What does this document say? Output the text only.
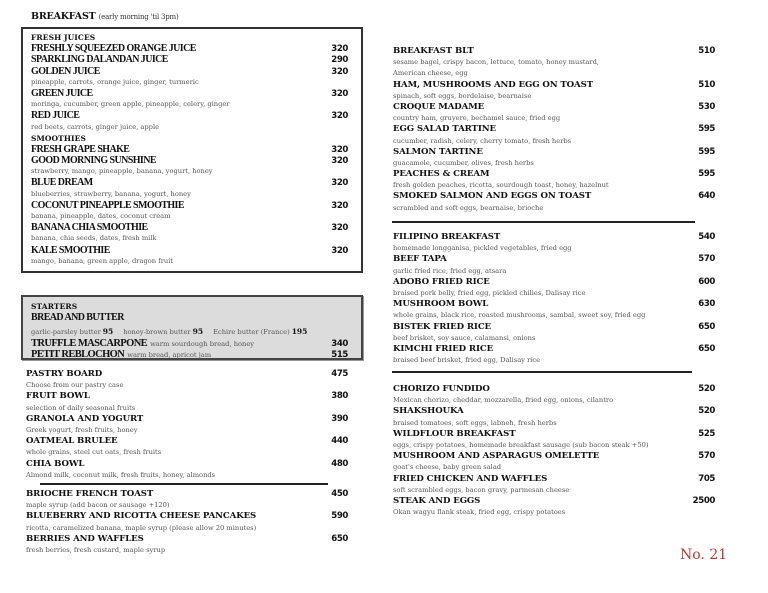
BREAKFAST (early morning 'til 3pm)
FRESH JUICES
FRESHLY SQUEEZED ORANGE JUICE	320
SPARKLING DALANDAN JUICE	290
GOLDEN JUICE	320
pineapple, carrots, orange juice, ginger, turmeric
GREEN JUICE	320
moringa, cucumber, green apple, pineapple, celery, ginger
RED JUICE	320
red beets, carrots, ginger juice, apple
SMOOTHIES
FRESH GRAPE SHAKE	320
GOOD MORNING SUNSHINE	320
strawberry, mango, pineapple, banana, yogurt, honey
BLUE DREAM	320
blueberries, strawberry, banana, yogurt, honey
COCONUT PINEAPPLE SMOOTHIE	320
banana, pineapple, dates, coconut cream
BANANA CHIA SMOOTHIE	320
banana, chia seeds, dates, fresh milk
KALE SMOOTHIE	320
mango, banana, green apple, dragon fruit
STARTERS
BREAD AND BUTTER
garlic-parsley butter 95 honey-brown butter 95 Echire butter (France) 195
TRUFFLE MASCARPONE warm sourdough bread, honey	340
PETIT REBLOCHON warm bread, apricot jam	515
PASTRY BOARD	475
Choose from our pastry case
FRUIT BOWL	380
selection of daily seasonal fruits
GRANOLA AND YOGURT	390
Greek yogurt, fresh fruits, honey
OATMEAL BRULEE	440
whole grains, steel cut oats, fresh fruits
CHIA BOWL	480
Almond milk, coconut milk, fresh fruits, honey, almonds
BRIOCHE FRENCH TOAST	450
maple syrup (add bacon or sausage +120)
BLUEBERRY AND RICOTTA CHEESE PANCAKES	590
ricotta, caramelized banana, maple syrup (please allow 20 minutes)
BERRIES AND WAFFLES	650
fresh berries, fresh custard, maple syrup
BREAKFAST BLT	510
sesame bagel, crispy bacon, lettuce, tomato, honey mustard,
American cheese, egg
HAM, MUSHROOMS AND EGG ON TOAST	510
spinach, soft eggs, bordelaise, bearnaise
CROQUE MADAME	530
country ham, gruyere, bechamel sauce, fried egg
EGG SALAD TARTINE	595
cucumber, radish, celery, cherry tomato, fresh herbs
SALMON TARTINE	595
guacamole, cucumber, olives, fresh herbs
PEACHES & CREAM	595
fresh golden peaches, ricotta, sourdough toast, honey, hazelnut
SMOKED SALMON AND EGGS ON TOAST	640
scrambled and soft eggs, bearnaise, brioche
FILIPINO BREAKFAST	540
homemade longganisa, pickled vegetables, fried egg
BEEF TAPA	570
garlic fried rice, fried egg, atsara
ADOBO FRIED RICE	600
braised pork belly, fried egg, pickled chilies, Dalisay rice
MUSHROOM BOWL	630
whole grains, black rice, roasted mushrooms, sambal, sweet soy, fried egg
BISTEK FRIED RICE	650
beef brisket, soy sauce, calamansi, onions
KIMCHI FRIED RICE	650
braised beef brisket, fried egg, Dalisay rice
CHORIZO FUNDIDO	520
Mexican chorizo, cheddar, mozzarella, fried egg, onions, cilantro
SHAKSHOUKA	520
braised tomatoes, soft eggs, labneh, fresh herbs
WILDFLOUR BREAKFAST	525
eggs, crispy potatoes, homemade breakfast sausage (sub bacon steak +50)
MUSHROOM AND ASPARAGUS OMELETTE	570
goat's cheese, baby green salad
FRIED CHICKEN AND WAFFLES	705
soft scrambled eggs, bacon gravy, parmesan cheese
STEAK AND EGGS	2500
Okan wagyu flank steak, fried egg, crispy potatoes
No. 21
